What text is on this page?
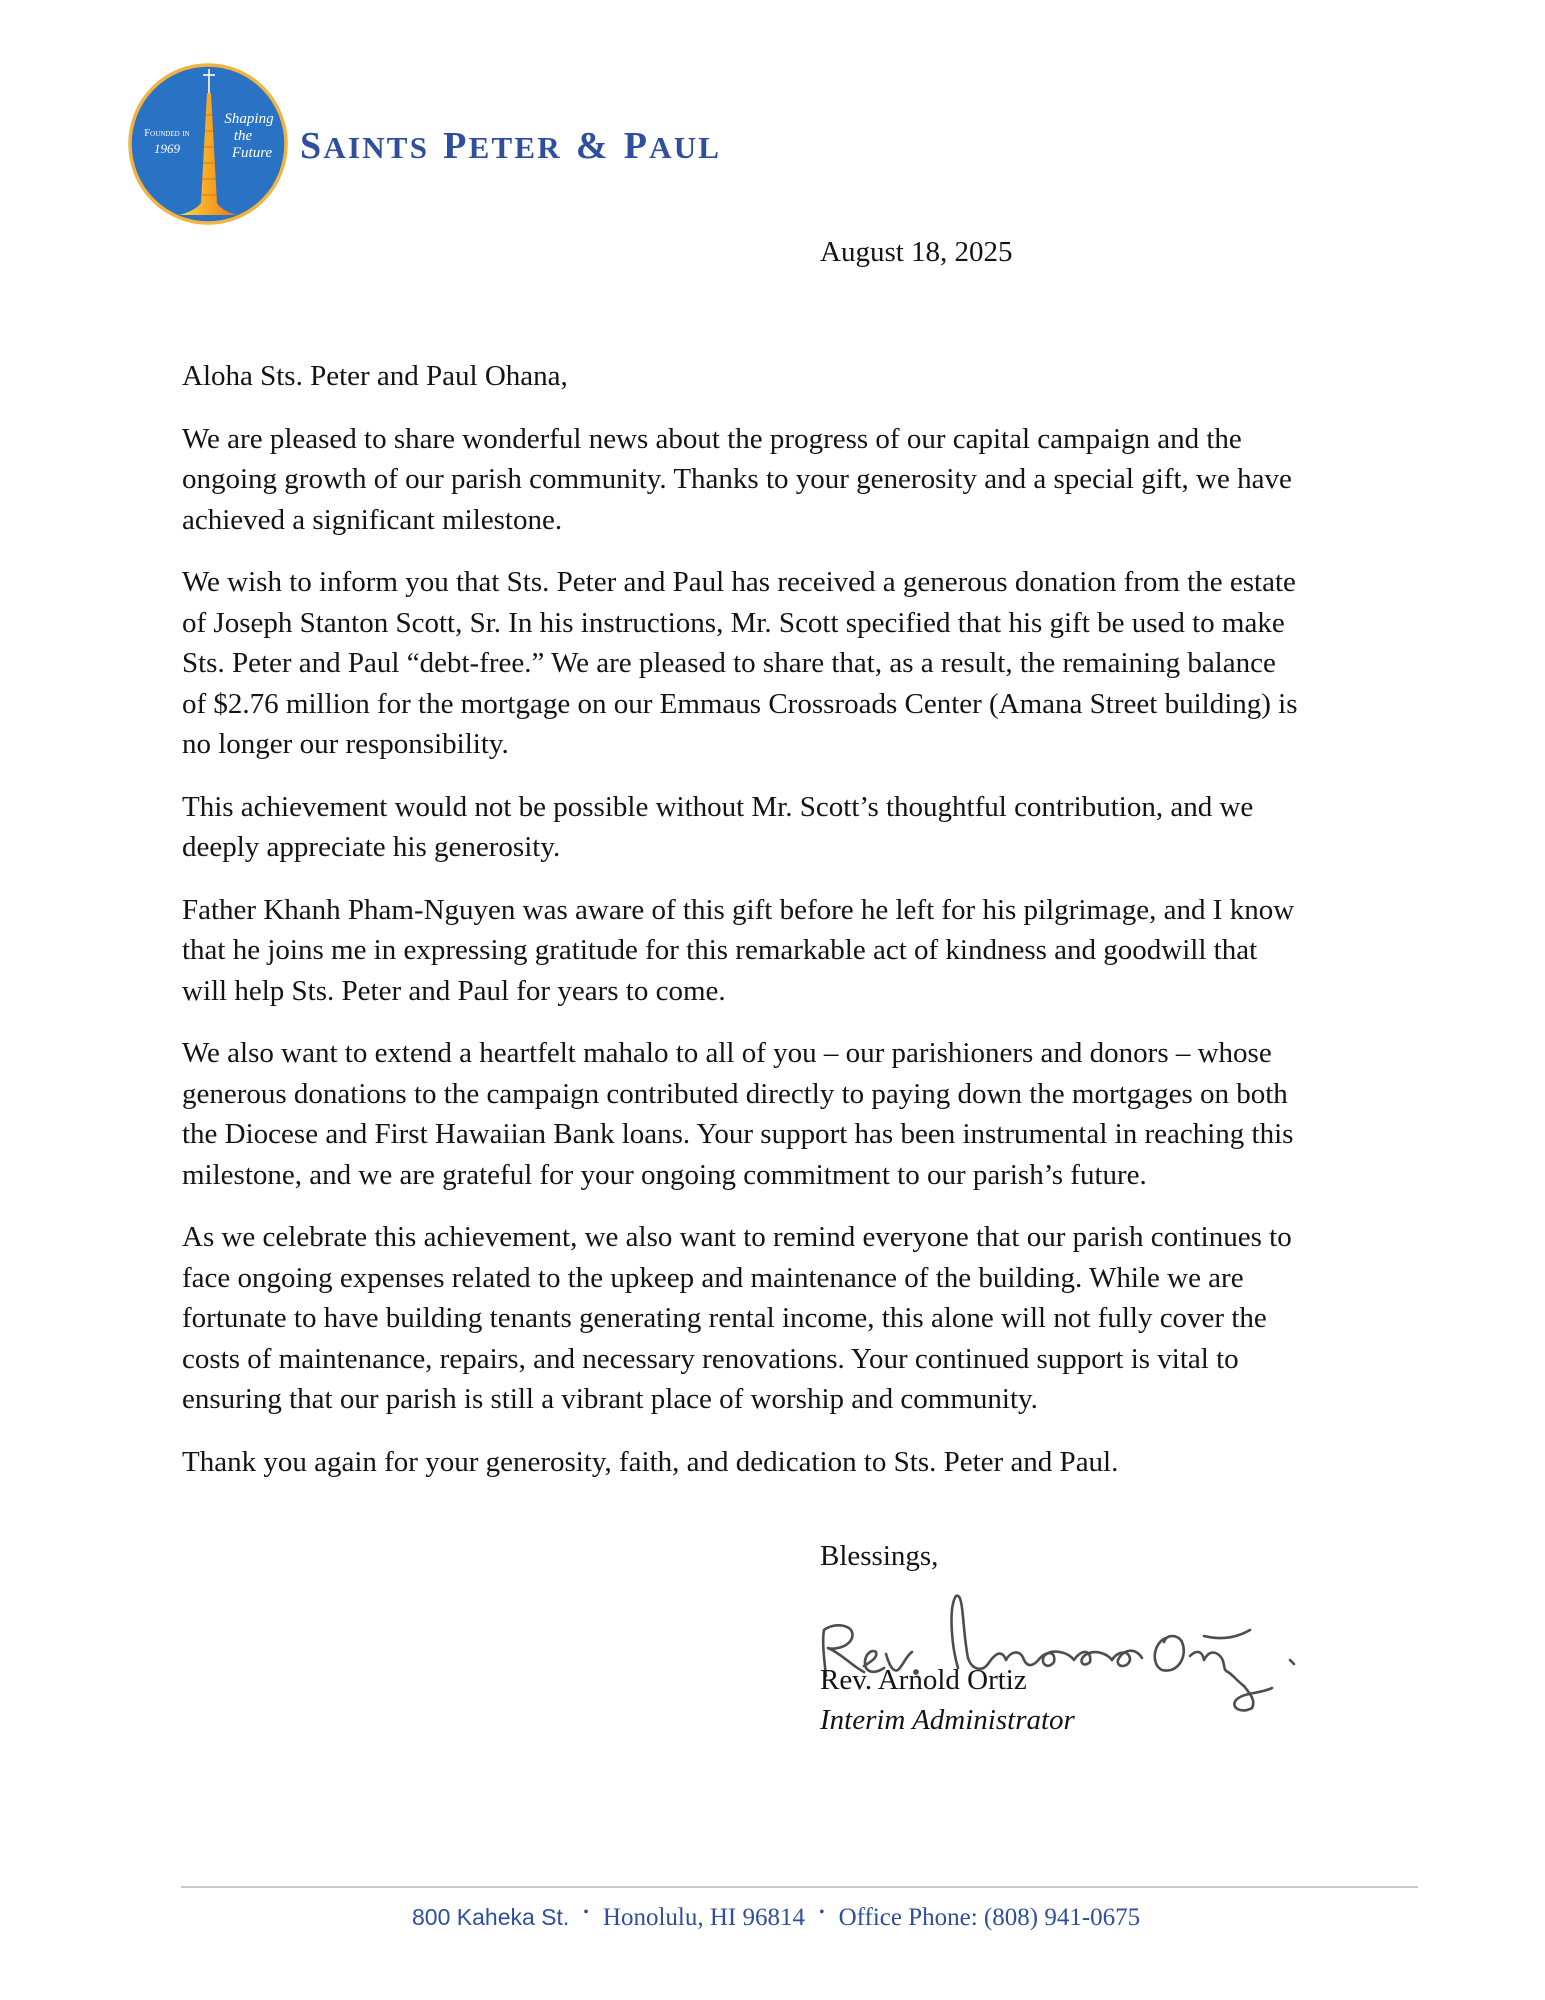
Founded in
1969
Shaping
the
Future SAINTS PETER & PAUL
August 18, 2025

Aloha Sts. Peter and Paul Ohana,

We are pleased to share wonderful news about the progress of our capital campaign and the
ongoing growth of our parish community. Thanks to your generosity and a special gift, we have
achieved a significant milestone.

We wish to inform you that Sts. Peter and Paul has received a generous donation from the estate
of Joseph Stanton Scott, Sr. In his instructions, Mr. Scott specified that his gift be used to make
Sts. Peter and Paul “debt-free.” We are pleased to share that, as a result, the remaining balance
of $2.76 million for the mortgage on our Emmaus Crossroads Center (Amana Street building) is
no longer our responsibility.

This achievement would not be possible without Mr. Scott’s thoughtful contribution, and we
deeply appreciate his generosity.

Father Khanh Pham-Nguyen was aware of this gift before he left for his pilgrimage, and I know
that he joins me in expressing gratitude for this remarkable act of kindness and goodwill that
will help Sts. Peter and Paul for years to come.

We also want to extend a heartfelt mahalo to all of you – our parishioners and donors – whose
generous donations to the campaign contributed directly to paying down the mortgages on both
the Diocese and First Hawaiian Bank loans. Your support has been instrumental in reaching this
milestone, and we are grateful for your ongoing commitment to our parish’s future.

As we celebrate this achievement, we also want to remind everyone that our parish continues to
face ongoing expenses related to the upkeep and maintenance of the building. While we are
fortunate to have building tenants generating rental income, this alone will not fully cover the
costs of maintenance, repairs, and necessary renovations. Your continued support is vital to
ensuring that our parish is still a vibrant place of worship and community.

Thank you again for your generosity, faith, and dedication to Sts. Peter and Paul.

Blessings,
Rev. Arnold Ortiz
Interim Administrator
800 Kaheka St. • Honolulu, HI 96814 • Office Phone: (808) 941-0675
